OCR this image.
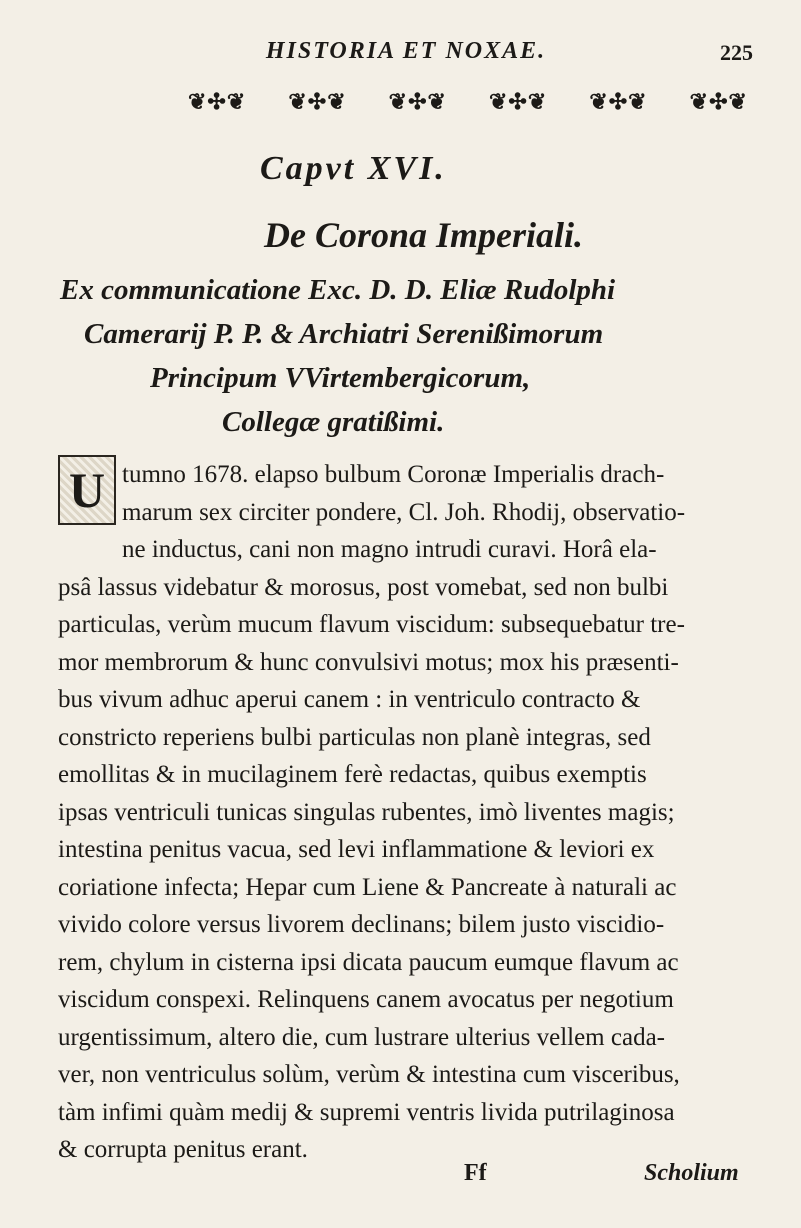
HISTORIA ET NOXAE.	225
❦✣❦ ❦✣❦ ❦✣❦ ❦✣❦ ❦✣❦ ❦✣❦
Capvt XVI.
De Corona Imperiali.
Ex communicatione Exc. D. D. Eliæ Rudolphi
Camerarij P. P. & Archiatri Serenißimorum
Principum VVirtembergicorum,
Collegæ gratißimi.
U tumno 1678. elapso bulbum Coronæ Imperialis drach-
marum sex circiter pondere, Cl. Joh. Rhodij, observatio-
ne inductus, cani non magno intrudi curavi. Horâ ela-
psâ lassus videbatur & morosus, post vomebat, sed non bulbi
particulas, verùm mucum flavum viscidum: subsequebatur tre-
mor membrorum & hunc convulsivi motus; mox his præsenti-
bus vivum adhuc aperui canem : in ventriculo contracto &
constricto reperiens bulbi particulas non planè integras, sed
emollitas & in mucilaginem ferè redactas, quibus exemptis
ipsas ventriculi tunicas singulas rubentes, imò liventes magis;
intestina penitus vacua, sed levi inflammatione & leviori ex
coriatione infecta; Hepar cum Liene & Pancreate à naturali ac
vivido colore versus livorem declinans; bilem justo viscidio-
rem, chylum in cisterna ipsi dicata paucum eumque flavum ac
viscidum conspexi. Relinquens canem avocatus per negotium
urgentissimum, altero die, cum lustrare ulterius vellem cada-
ver, non ventriculus solùm, verùm & intestina cum visceribus,
tàm infimi quàm medij & supremi ventris livida putrilaginosa
& corrupta penitus erant.
Ff	Scholium
